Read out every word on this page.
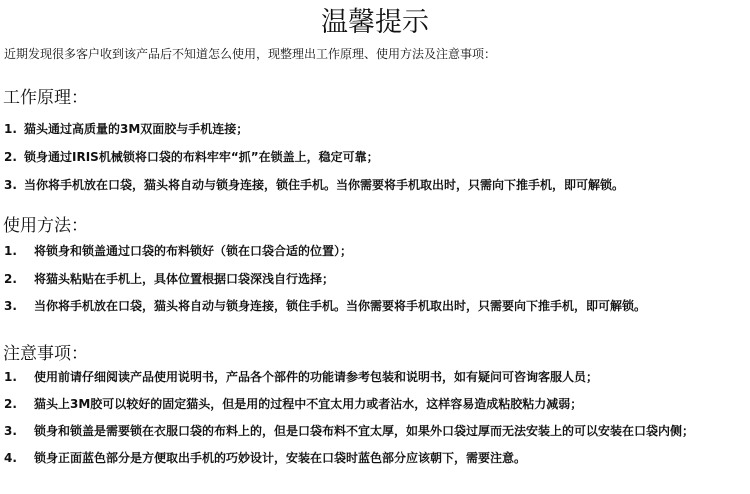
温馨提示
近期发现很多客户收到该产品后不知道怎么使用，现整理出工作原理、使用方法及注意事项：
工作原理：
1. 猫头通过高质量的3M双面胶与手机连接；
2. 锁身通过IRIS机械锁将口袋的布料牢牢“抓”在锁盖上，稳定可靠；
3. 当你将手机放在口袋，猫头将自动与锁身连接，锁住手机。当你需要将手机取出时，只需向下推手机，即可解锁。
使用方法：
1. 将锁身和锁盖通过口袋的布料锁好（锁在口袋合适的位置）；
2. 将猫头粘贴在手机上，具体位置根据口袋深浅自行选择；
3. 当你将手机放在口袋，猫头将自动与锁身连接，锁住手机。当你需要将手机取出时，只需要向下推手机，即可解锁。
注意事项：
1. 使用前请仔细阅读产品使用说明书，产品各个部件的功能请参考包装和说明书，如有疑问可咨询客服人员；
2. 猫头上3M胶可以较好的固定猫头，但是用的过程中不宜太用力或者沾水，这样容易造成粘胶粘力减弱；
3. 锁身和锁盖是需要锁在衣服口袋的布料上的，但是口袋布料不宜太厚，如果外口袋过厚而无法安装上的可以安装在口袋内侧；
4. 锁身正面蓝色部分是方便取出手机的巧妙设计，安装在口袋时蓝色部分应该朝下，需要注意。
